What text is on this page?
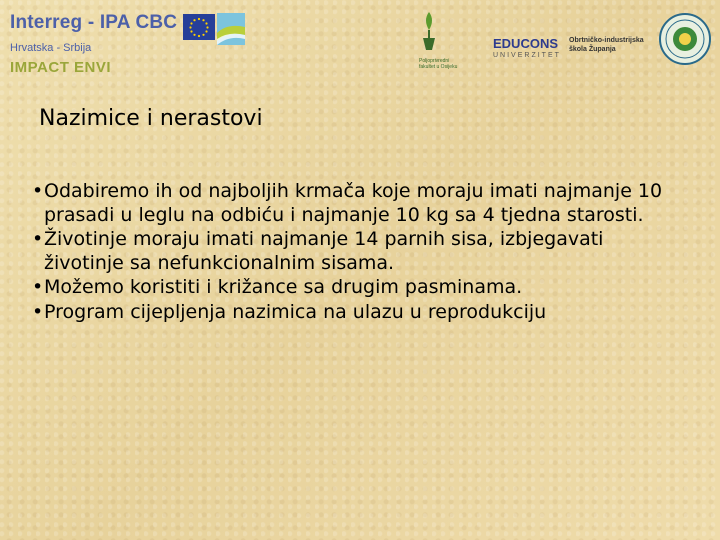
Interreg - IPA CBC
Hrvatska - Srbija
IMPACT ENVI	Poljoprivredni fakultet u Osijeku
EDUCONS
UNIVERZITET
Obrtničko-industrijska škola Županja
Nazimice i nerastovi
• Odabiremo ih od najboljih krmača koje moraju imati najmanje 10 prasadi u leglu na odbiću i najmanje 10 kg sa 4 tjedna starosti.
• Životinje moraju imati najmanje 14 parnih sisa, izbjegavati životinje sa nefunkcionalnim sisama.
• Možemo koristiti i križance sa drugim pasminama.
• Program cijepljenja nazimica na ulazu u reprodukciju
